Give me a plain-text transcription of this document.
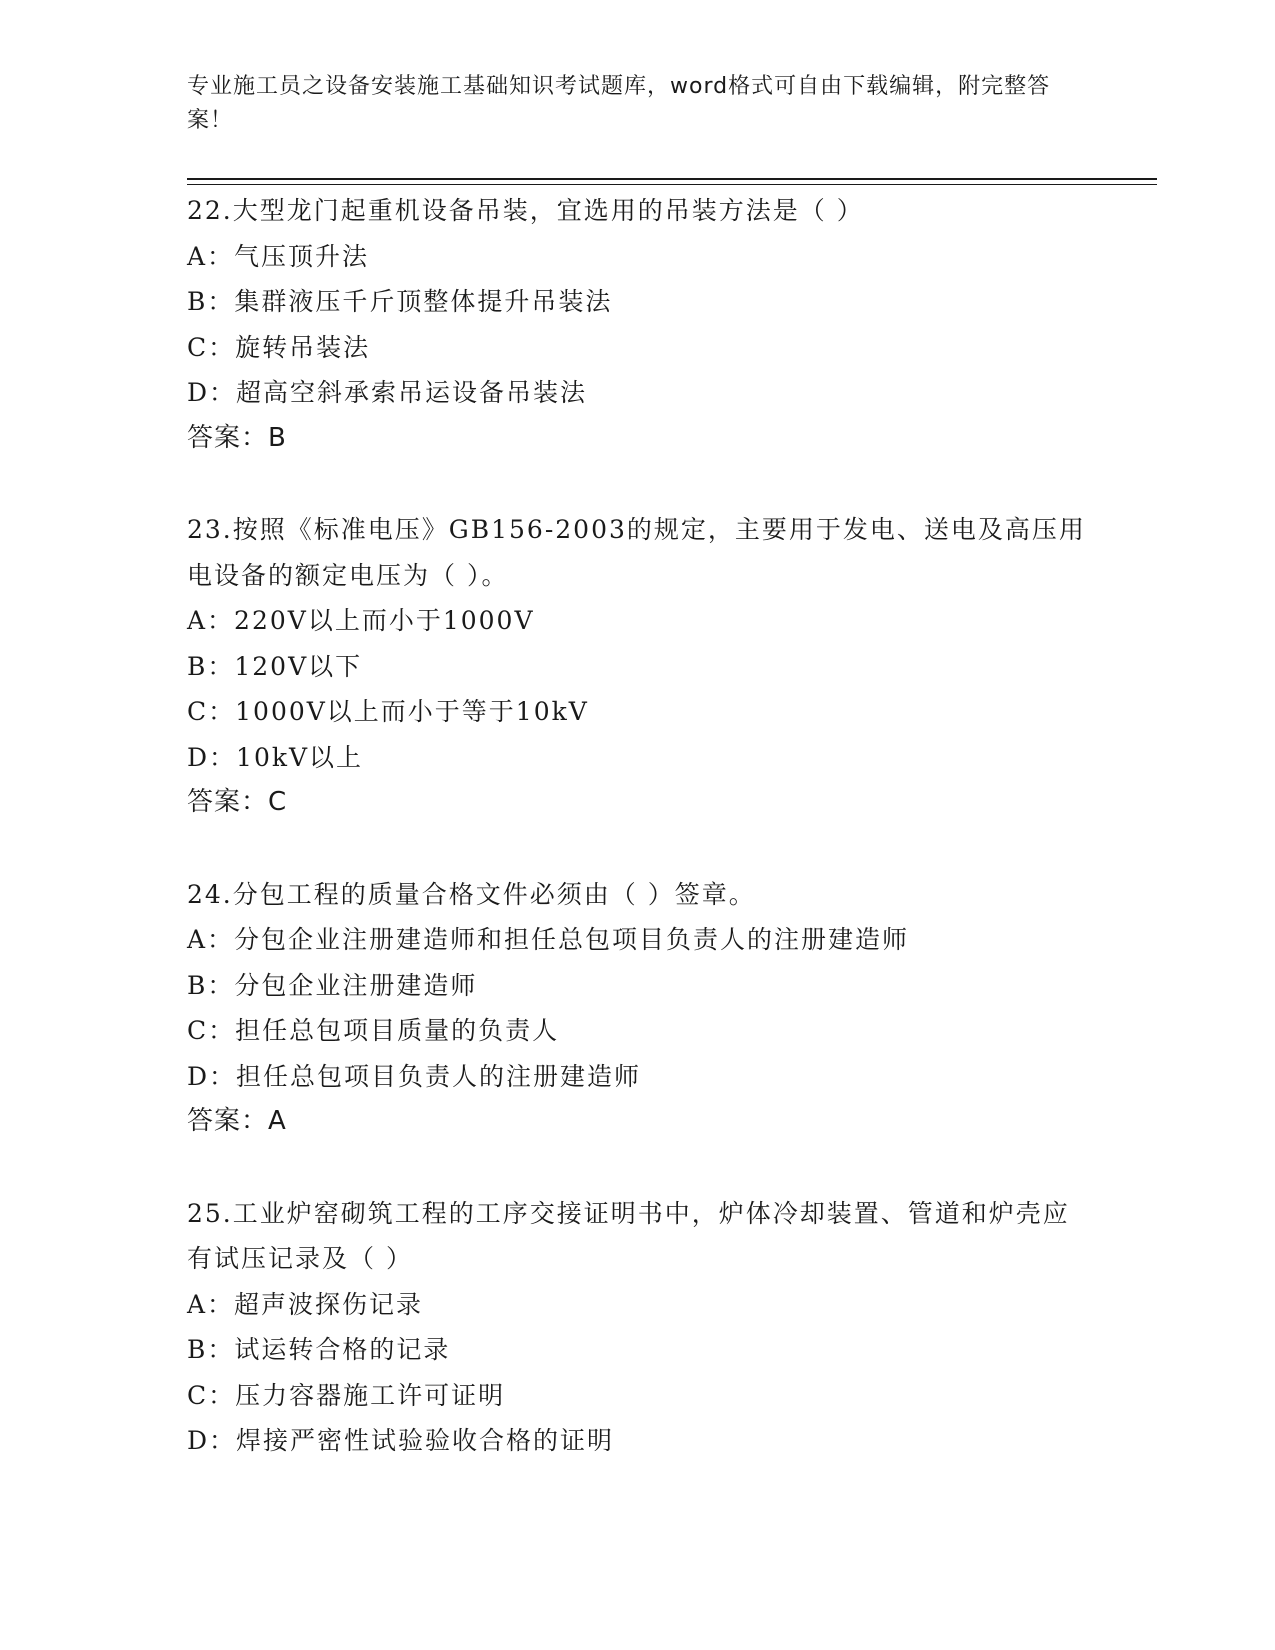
专业施工员之设备安装施工基础知识考试题库，word格式可自由下载编辑，附完整答案！
22.大型龙门起重机设备吊装，宜选用的吊装方法是（ ）
A：气压顶升法
B：集群液压千斤顶整体提升吊装法
C：旋转吊装法
D：超高空斜承索吊运设备吊装法
答案：B
23.按照《标准电压》GB156-2003的规定，主要用于发电、送电及高压用电设备的额定电压为（ ）。
A：220V以上而小于1000V
B：120V以下
C：1000V以上而小于等于10kV
D：10kV以上
答案：C
24.分包工程的质量合格文件必须由（ ）签章。
A：分包企业注册建造师和担任总包项目负责人的注册建造师
B：分包企业注册建造师
C：担任总包项目质量的负责人
D：担任总包项目负责人的注册建造师
答案：A
25.工业炉窑砌筑工程的工序交接证明书中，炉体冷却装置、管道和炉壳应有试压记录及（ ）
A：超声波探伤记录
B：试运转合格的记录
C：压力容器施工许可证明
D：焊接严密性试验验收合格的证明
